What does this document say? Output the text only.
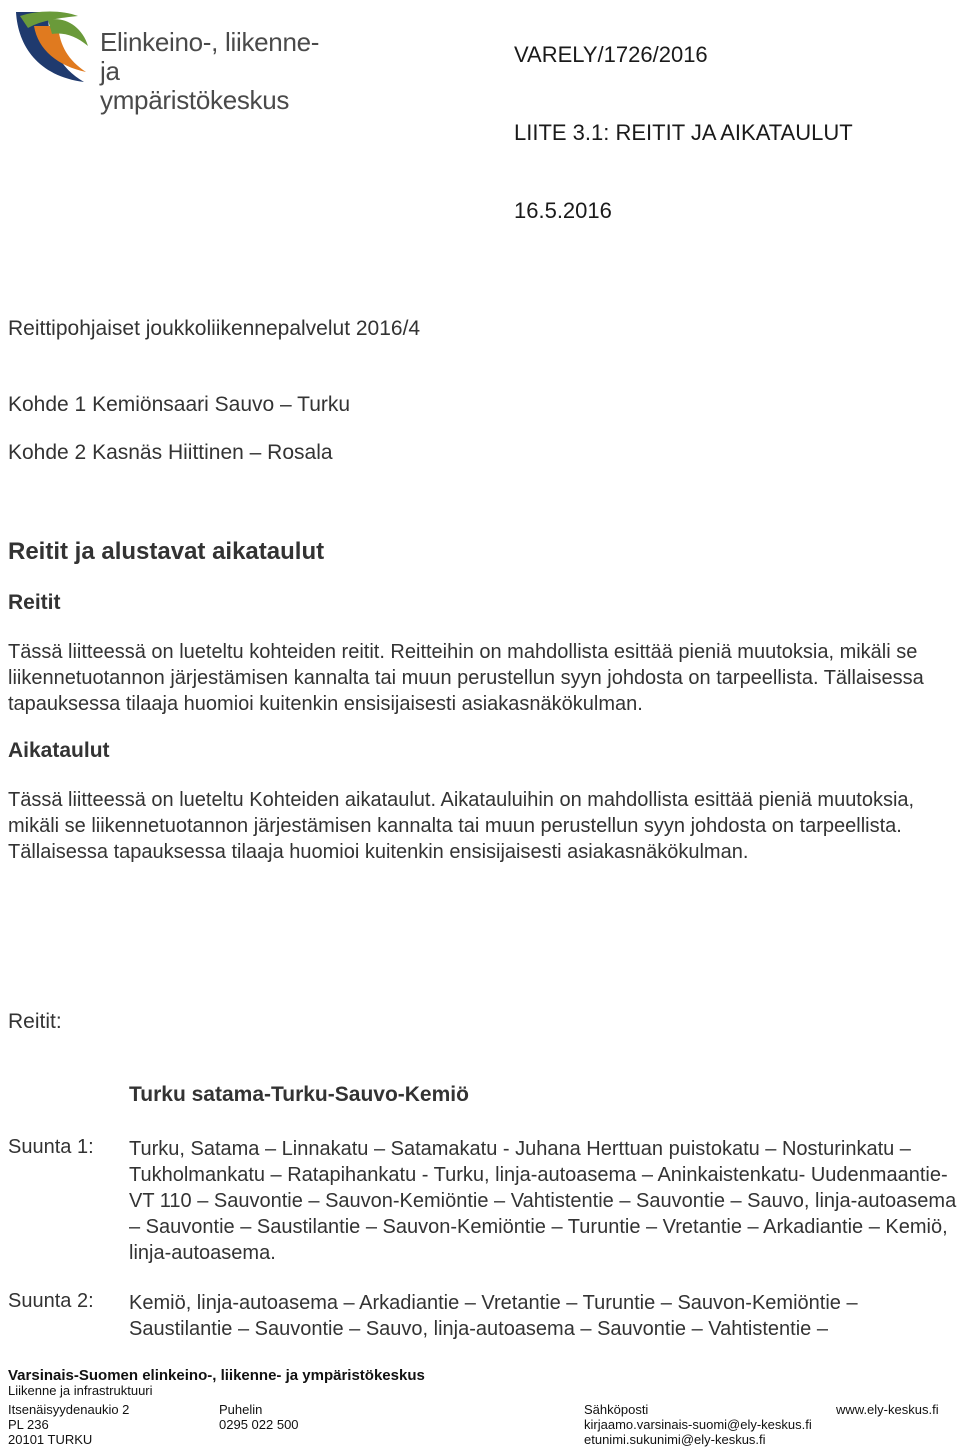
Elinkeino-, liikenne- ja
ympäristökeskus
VARELY/1726/2016
LIITE 3.1: REITIT JA AIKATAULUT
16.5.2016
Reittipohjaiset joukkoliikennepalvelut 2016/4
Kohde 1 Kemiönsaari Sauvo – Turku
Kohde 2 Kasnäs Hiittinen – Rosala
Reitit ja alustavat aikataulut
Reitit
Tässä liitteessä on lueteltu kohteiden reitit. Reitteihin on mahdollista esittää pieniä muutoksia, mikäli se liikennetuotannon järjestämisen kannalta tai muun perustellun syyn johdosta on tarpeellista. Tällaisessa tapauksessa tilaaja huomioi kuitenkin ensisijaisesti asiakasnäkökulman.
Aikataulut
Tässä liitteessä on lueteltu Kohteiden aikataulut. Aikatauluihin on mahdollista esittää pieniä muutoksia, mikäli se liikennetuotannon järjestämisen kannalta tai muun perustellun syyn johdosta on tarpeellista. Tällaisessa tapauksessa tilaaja huomioi kuitenkin ensisijaisesti asiakasnäkökulman.
Reitit:
Turku satama-Turku-Sauvo-Kemiö
Suunta 1: Turku, Satama – Linnakatu – Satamakatu - Juhana Herttuan puistokatu – Nosturinkatu – Tukholmankatu – Ratapihankatu - Turku, linja-autoasema – Aninkaistenkatu- Uudenmaantie- VT 110 – Sauvontie – Sauvon-Kemiöntie – Vahtistentie – Sauvontie – Sauvo, linja-autoasema – Sauvontie – Saustilantie – Sauvon-Kemiöntie – Turuntie – Vretantie – Arkadiantie – Kemiö, linja-autoasema.
Suunta 2: Kemiö, linja-autoasema – Arkadiantie – Vretantie – Turuntie – Sauvon-Kemiöntie – Saustilantie – Sauvontie – Sauvo, linja-autoasema – Sauvontie – Vahtistentie –
Varsinais-Suomen elinkeino-, liikenne- ja ympäristökeskus
Liikenne ja infrastruktuuri
Itsenäisyydenaukio 2
PL 236
20101 TURKU
Puhelin
0295 022 500
Sähköposti
kirjaamo.varsinais-suomi@ely-keskus.fi
etunimi.sukunimi@ely-keskus.fi
www.ely-keskus.fi
